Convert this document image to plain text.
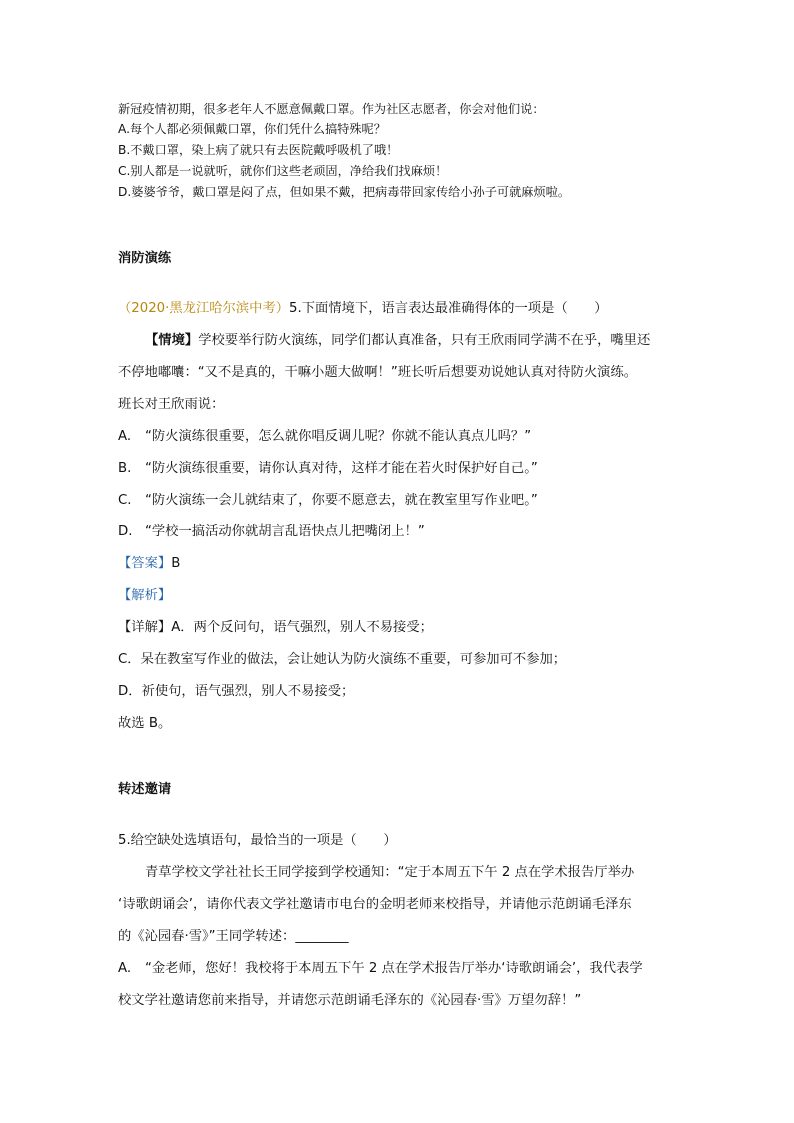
新冠疫情初期，很多老年人不愿意佩戴口罩。作为社区志愿者，你会对他们说：
A.每个人都必须佩戴口罩，你们凭什么搞特殊呢？
B.不戴口罩，染上病了就只有去医院戴呼吸机了哦！
C.别人都是一说就听，就你们这些老顽固，净给我们找麻烦！
D.婆婆爷爷，戴口罩是闷了点，但如果不戴，把病毒带回家传给小孙子可就麻烦啦。
消防演练
（2020·黑龙江哈尔滨中考）5.下面情境下，语言表达最准确得体的一项是（　　）
【情境】学校要举行防火演练，同学们都认真准备，只有王欣雨同学满不在乎，嘴里还
不停地嘟囔：“又不是真的，干嘛小题大做啊！”班长听后想要劝说她认真对待防火演练。
班长对王欣雨说：
A. “防火演练很重要，怎么就你唱反调儿呢？你就不能认真点儿吗？”
B. “防火演练很重要，请你认真对待，这样才能在若火时保护好自己。”
C. “防火演练一会儿就结束了，你要不愿意去，就在教室里写作业吧。”
D. “学校一搞活动你就胡言乱语快点儿把嘴闭上！”
【答案】B
【解析】
【详解】A．两个反问句，语气强烈，别人不易接受；
C．呆在教室写作业的做法，会让她认为防火演练不重要，可参加可不参加；
D．祈使句，语气强烈，别人不易接受；
故选 B。
转述邀请
5.给空缺处选填语句，最恰当的一项是（　　）
青草学校文学社社长王同学接到学校通知：“定于本周五下午 2 点在学术报告厅举办
‘诗歌朗诵会’，请你代表文学社邀请市电台的金明老师来校指导，并请他示范朗诵毛泽东
的《沁园春·雪》”王同学转述：________
A. “金老师，您好！我校将于本周五下午 2 点在学术报告厅举办‘诗歌朗诵会’，我代表学
校文学社邀请您前来指导，并请您示范朗诵毛泽东的《沁园春·雪》万望勿辞！”
